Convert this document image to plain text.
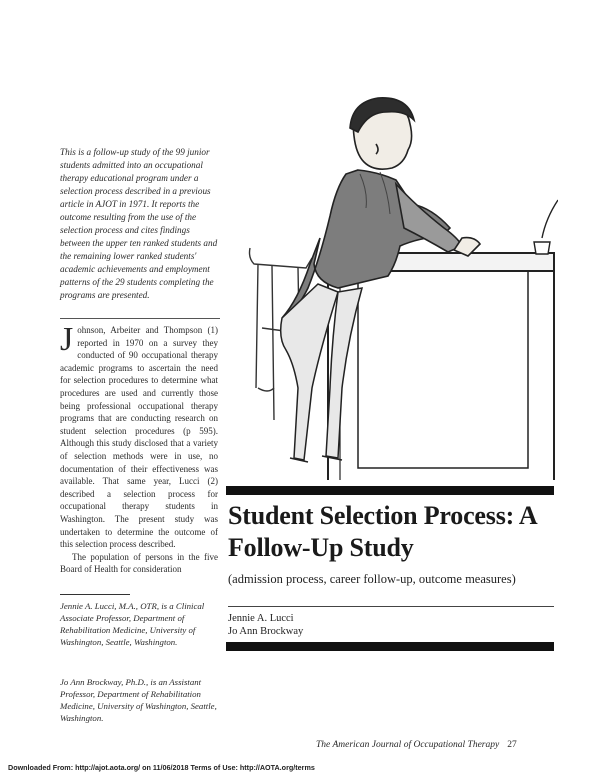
This is a follow-up study of the 99 junior students admitted into an occupational therapy educational program under a selection process described in a previous article in AJOT in 1971. It reports the outcome resulting from the use of the selection process and cites findings between the upper ten ranked students and the remaining lower ranked students' academic achievements and employment patterns of the 29 students completing the programs are presented.

Johnson, Arbeiter and Thompson (1) reported in 1970 on a survey they conducted of 90 occupational therapy academic programs to ascertain the need for selection procedures to determine what procedures are used and currently those being professional occupational therapy programs that are conducting research on student selection procedures (p 595). Although this study disclosed that a variety of selection methods were in use, no documentation of their effectiveness was available. That same year, Lucci (2) described a selection process for occupational therapy students in Washington. The present study was undertaken to determine the outcome of this selection process described.

The population of persons in the five Board of Health for consideration

Jennie A. Lucci, M.A., OTR, is a Clinical Associate Professor, Department of Rehabilitation Medicine, University of Washington, Seattle, Washington.
Jo Ann Brockway, Ph.D., is an Assistant Professor, Department of Rehabilitation Medicine, University of Washington, Seattle, Washington.
Student Selection Process: A Follow-Up Study
(admission process, career follow-up, outcome measures)
Jennie A. Lucci
Jo Ann Brockway
The American Journal of Occupational Therapy 27
Downloaded From: http://ajot.aota.org/ on 11/06/2018 Terms of Use: http://AOTA.org/terms
